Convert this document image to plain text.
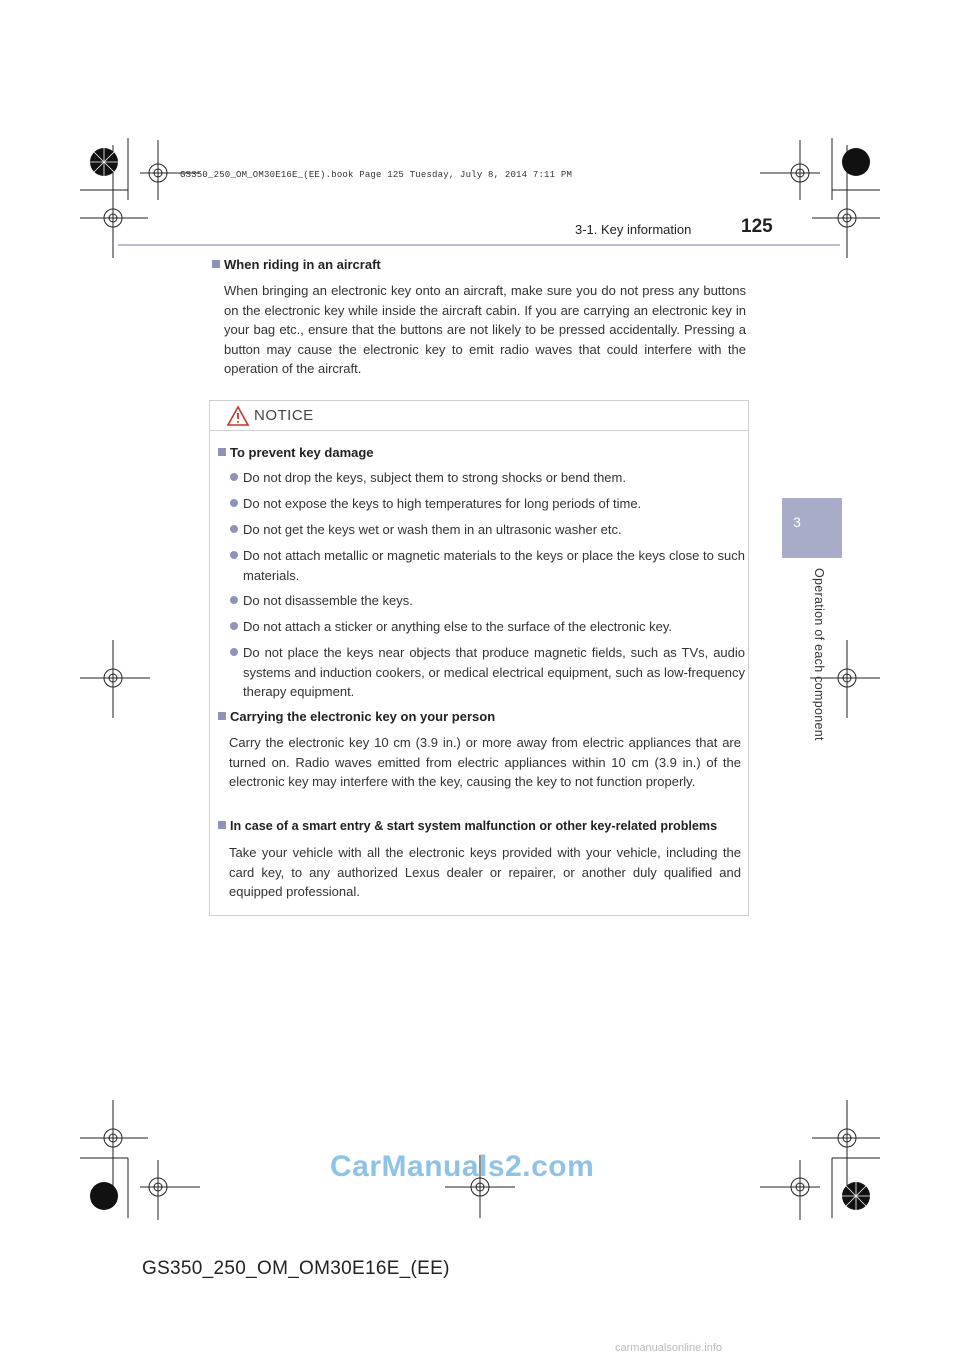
GS350_250_OM_OM30E16E_(EE).book Page 125 Tuesday, July 8, 2014 7:11 PM
3-1. Key information	125
3
Operation of each component
When riding in an aircraft
When bringing an electronic key onto an aircraft, make sure you do not press any buttons on the electronic key while inside the aircraft cabin. If you are carrying an electronic key in your bag etc., ensure that the buttons are not likely to be pressed accidentally. Pressing a button may cause the electronic key to emit radio waves that could interfere with the operation of the aircraft.
NOTICE
To prevent key damage
Do not drop the keys, subject them to strong shocks or bend them.
Do not expose the keys to high temperatures for long periods of time.
Do not get the keys wet or wash them in an ultrasonic washer etc.
Do not attach metallic or magnetic materials to the keys or place the keys close to such materials.
Do not disassemble the keys.
Do not attach a sticker or anything else to the surface of the electronic key.
Do not place the keys near objects that produce magnetic fields, such as TVs, audio systems and induction cookers, or medical electrical equipment, such as low-frequency therapy equipment.
Carrying the electronic key on your person
Carry the electronic key 10 cm (3.9 in.) or more away from electric appliances that are turned on. Radio waves emitted from electric appliances within 10 cm (3.9 in.) of the electronic key may interfere with the key, causing the key to not function properly.
In case of a smart entry & start system malfunction or other key-related problems
Take your vehicle with all the electronic keys provided with your vehicle, including the card key, to any authorized Lexus dealer or repairer, or another duly qualified and equipped professional.
CarManuals2.com
GS350_250_OM_OM30E16E_(EE)
carmanualsonline.info
